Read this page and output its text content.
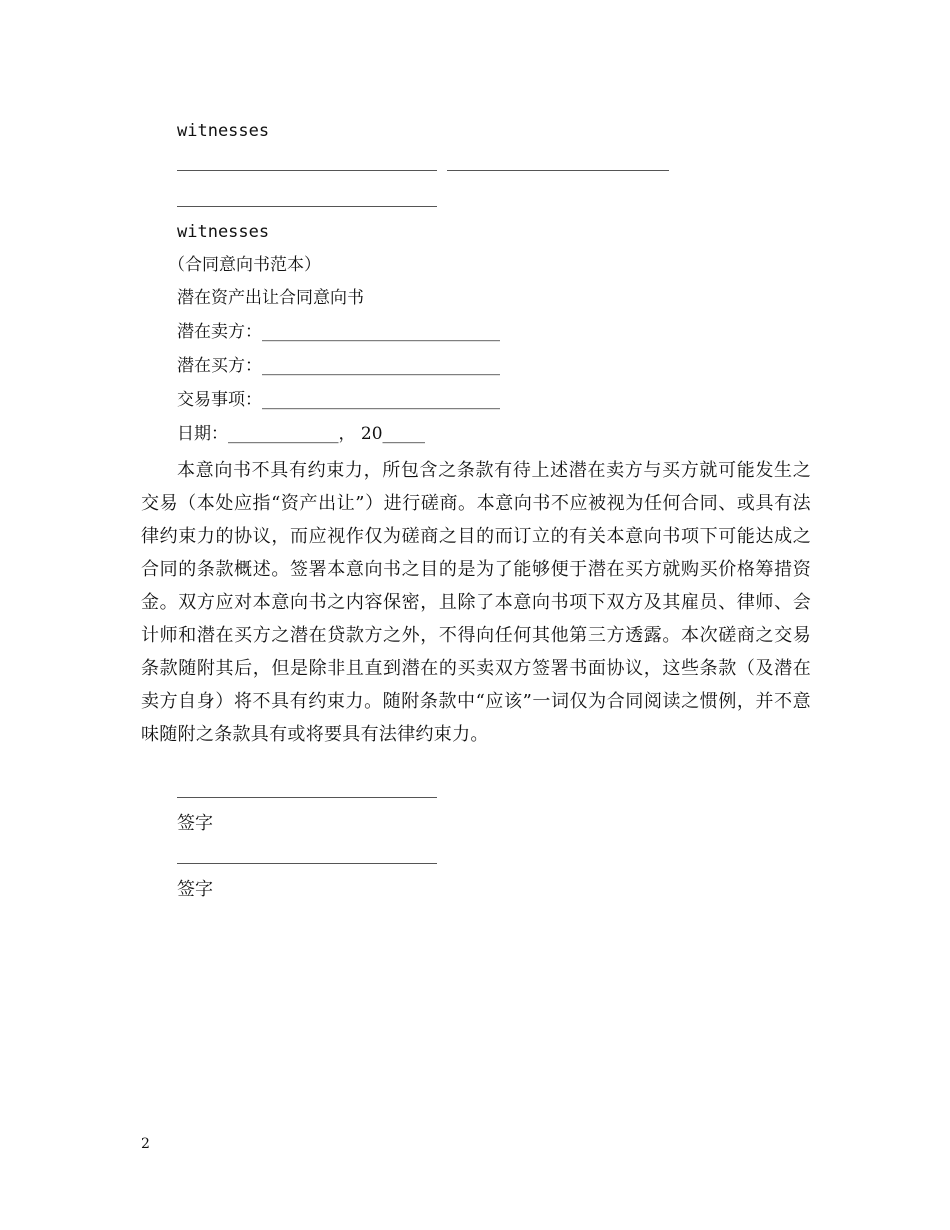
witnesses
witnesses
（合同意向书范本）
潜在资产出让合同意向书
潜在卖方：____________________________
潜在买方：____________________________
交易事项：____________________________
日期：_____________， 20_____
本意向书不具有约束力，所包含之条款有待上述潜在卖方与买方就可能发生之交易（本处应指“资产出让”）进行磋商。本意向书不应被视为任何合同、或具有法律约束力的协议，而应视作仅为磋商之目的而订立的有关本意向书项下可能达成之合同的条款概述。签署本意向书之目的是为了能够便于潜在买方就购买价格筹措资金。双方应对本意向书之内容保密，且除了本意向书项下双方及其雇员、律师、会计师和潜在买方之潜在贷款方之外，不得向任何其他第三方透露。本次磋商之交易条款随附其后，但是除非且直到潜在的买卖双方签署书面协议，这些条款（及潜在卖方自身）将不具有约束力。随附条款中“应该”一词仅为合同阅读之惯例，并不意味随附之条款具有或将要具有法律约束力。
签字
签字
2
